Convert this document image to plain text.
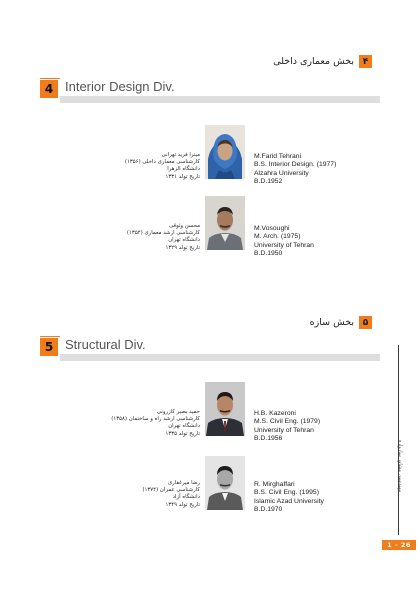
بخش معماری داخلی ۴
4 Interior Design Div.
میترا فرید تهرانی
کارشناسی معماری داخلی (۱۳۵۶)
دانشگاه الزهرا
تاریخ تولد ۱۳۳۱
M.Farid Tehrani
B.S. Interior Design. (1977)
Alzahra University
B.D.1952
محسن وثوقی
کارشناسی ارشد معماری (۱۳۵۴)
دانشگاه تهران
تاریخ تولد ۱۳۲۹
M.Vosoughi
M. Arch. (1975)
University of Tehran
B.D.1950
بخش سازه ۵
5 Structural Div.
حمید بصیر کازرونی
کارشناسی ارشد راه و ساختمان (۱۳۵۸)
دانشگاه تهران
تاریخ تولد ۱۳۳۵
H.B. Kazeroni
M.S. Civil Eng. (1979)
University of Tehran
B.D.1956
رضا میرغفاری
کارشناسی عمران (۱۳۷۴)
دانشگاه آزاد
تاریخ تولد ۱۳۴۹
R. Mirghaffari
B.S. Civil Eng. (1995)
Islamic Azad University
B.D.1970
مهندسین مشاور سازواره
1 - 26
